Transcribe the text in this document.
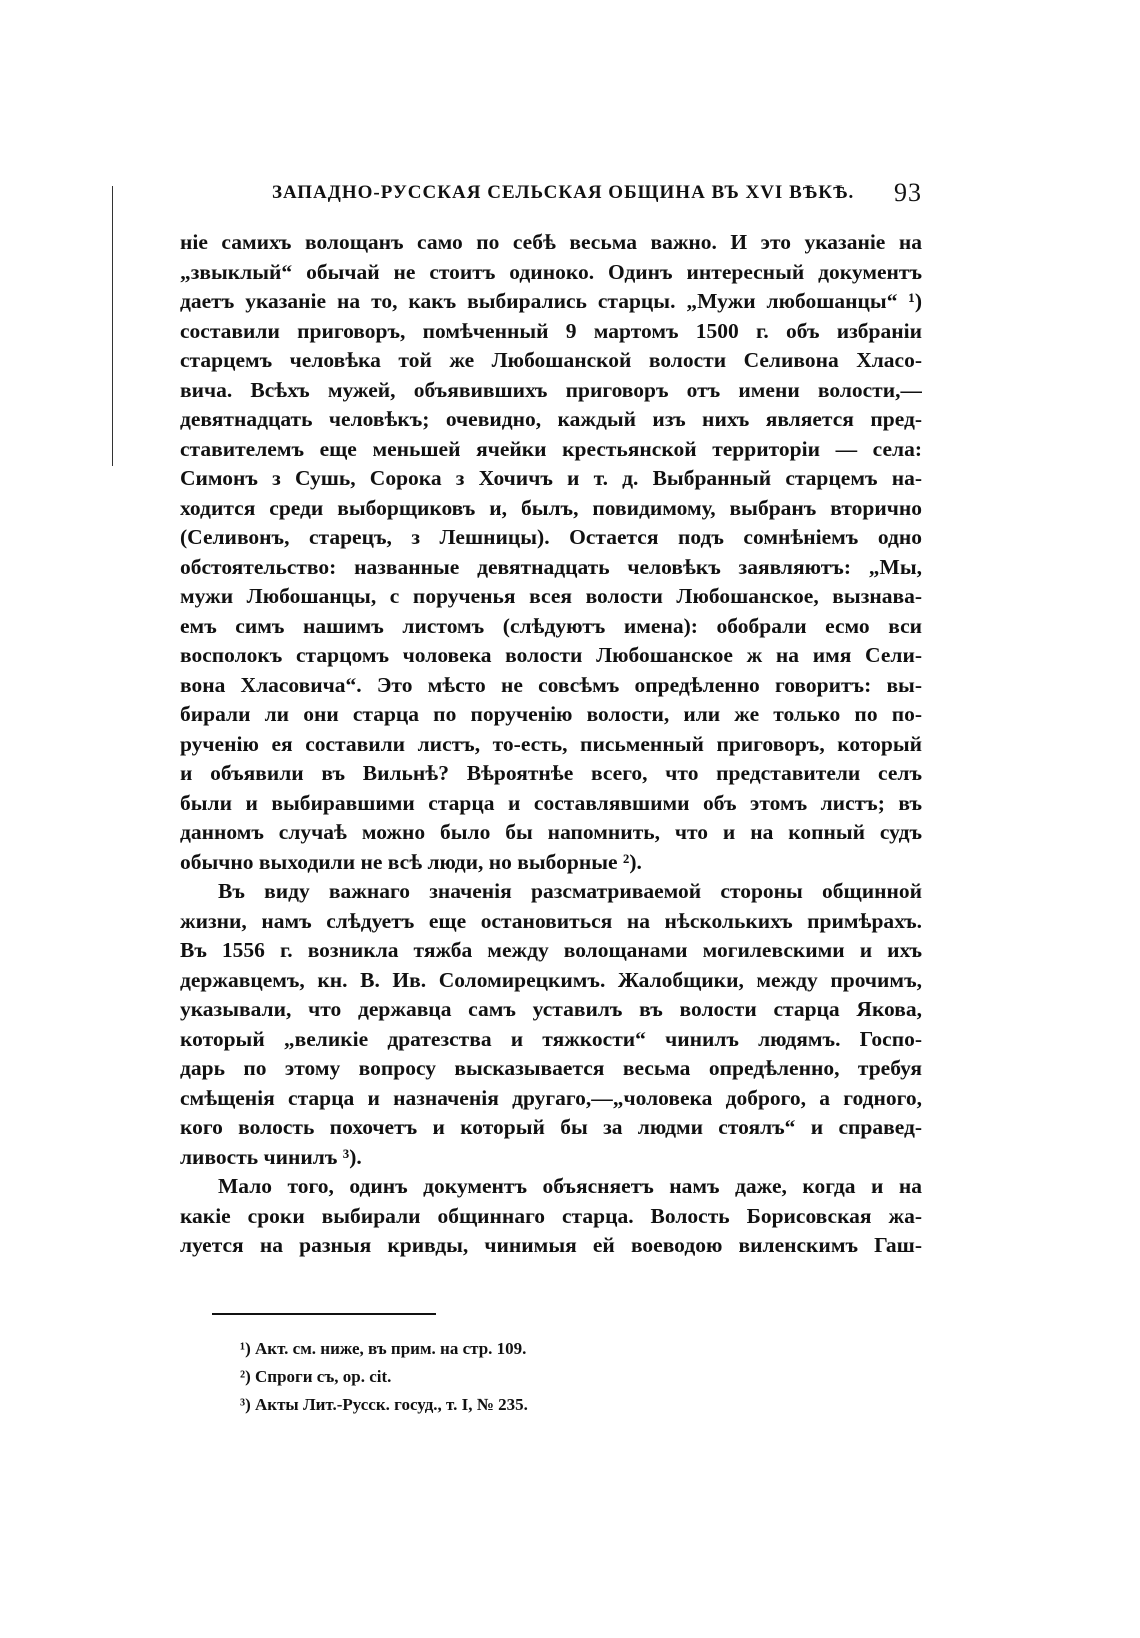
ЗАПАДНО-РУССКАЯ СЕЛЬСКАЯ ОБЩИНА ВЪ XVI ВѢКѢ. 93
ніе самихъ волощанъ само по себѣ весьма важно. И это указаніе на
„звыклый“ обычай не стоитъ одиноко. Одинъ интересный документъ
даетъ указаніе на то, какъ выбирались старцы. „Мужи любошанцы“ ¹)
составили приговоръ, помѣченный 9 мартомъ 1500 г. объ избраніи
старцемъ человѣка той же Любошанской волости Селивона Хласо-
вича. Всѣхъ мужей, объявившихъ приговоръ отъ имени волости,—
девятнадцать человѣкъ; очевидно, каждый изъ нихъ является пред-
ставителемъ еще меньшей ячейки крестьянской территоріи — села:
Симонъ з Сушь, Сорока з Хочичъ и т. д. Выбранный старцемъ на-
ходится среди выборщиковъ и, былъ, повидимому, выбранъ вторично
(Селивонъ, старецъ, з Лешницы). Остается подъ сомнѣніемъ одно
обстоятельство: названные девятнадцать человѣкъ заявляютъ: „Мы,
мужи Любошанцы, с порученья всея волости Любошанское, вызнава-
емъ симъ нашимъ листомъ (слѣдуютъ имена): обобрали есмо вси
восполокъ старцомъ чоловека волости Любошанское ж на имя Сели-
вона Хласовича“. Это мѣсто не совсѣмъ опредѣленно говоритъ: вы-
бирали ли они старца по порученію волости, или же только по по-
рученію ея составили листъ, то-есть, письменный приговоръ, который
и объявили въ Вильнѣ? Вѣроятнѣе всего, что представители селъ
были и выбиравшими старца и составлявшими объ этомъ листъ; въ
данномъ случаѣ можно было бы напомнить, что и на копный судъ
обычно выходили не всѣ люди, но выборные ²).
Въ виду важнаго значенія разсматриваемой стороны общинной
жизни, намъ слѣдуетъ еще остановиться на нѣсколькихъ примѣрахъ.
Въ 1556 г. возникла тяжба между волощанами могилевскими и ихъ
державцемъ, кн. В. Ив. Соломирецкимъ. Жалобщики, между прочимъ,
указывали, что державца самъ уставилъ въ волости старца Якова,
который „великіе дратезства и тяжкости“ чинилъ людямъ. Госпо-
дарь по этому вопросу высказывается весьма опредѣленно, требуя
смѣщенія старца и назначенія другаго,—„чоловека доброго, а годного,
кого волость похочетъ и который бы за людми стоялъ“ и справед-
ливость чинилъ ³).
Мало того, одинъ документъ объясняетъ намъ даже, когда и на
какіе сроки выбирали общиннаго старца. Волость Борисовская жа-
луется на разныя кривды, чинимыя ей воеводою виленскимъ Гаш-
¹) Акт. см. ниже, въ прим. на стр. 109.
²) Спроги съ, op. cit.
³) Акты Лит.-Русск. госуд., т. I, № 235.
